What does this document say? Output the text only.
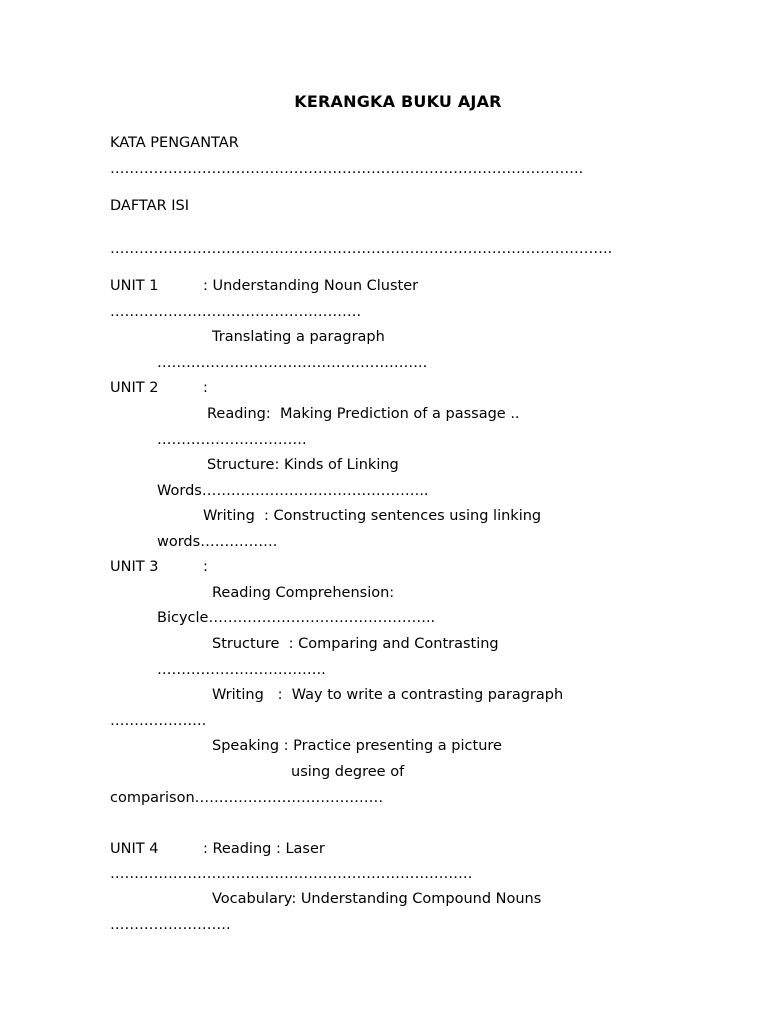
KERANGKA BUKU AJAR
KATA PENGANTAR
……………………………………………………………………………………..
DAFTAR ISI
…………………………………………………………………………………………..
UNIT 1	: Understanding Noun Cluster
…………………………………………….
Translating a paragraph
………………………………………………..
UNIT 2	:
Reading:  Making Prediction of a passage ..
………………………….
Structure: Kinds of Linking
Words………………………………………..
Writing  : Constructing sentences using linking
words…………….
UNIT 3	:
Reading Comprehension:
Bicycle………………………………………..
Structure  : Comparing and Contrasting
……………………………..
Writing   :  Way to write a contrasting paragraph
………………..
Speaking : Practice presenting a picture
using degree of
comparison…………………………………
UNIT 4	: Reading : Laser
…………………………………………………………………
Vocabulary: Understanding Compound Nouns
…………………….
